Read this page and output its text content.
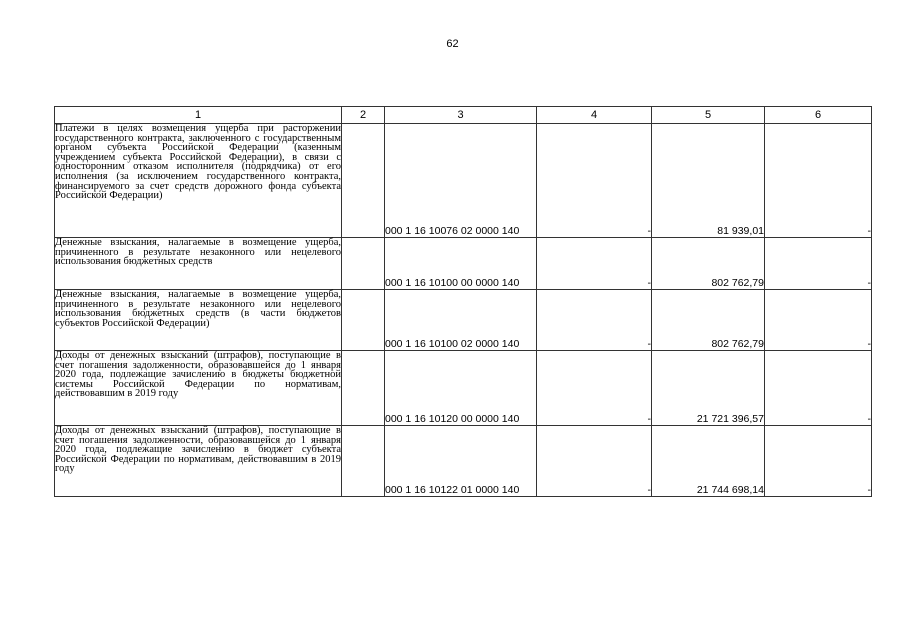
62
1	2	3	4	5	6
Платежи в целях возмещения ущерба при расторжении государственного контракта, заключенного с государственным органом субъекта Российской Федерации (казенным учреждением субъекта Российской Федерации), в связи с односторонним отказом исполнителя (подрядчика) от его исполнения (за исключением государственного контракта, финансируемого за счет средств дорожного фонда субъекта Российской Федерации)		000 1 16 10076 02 0000 140	-	81 939,01	-
Денежные взыскания, налагаемые в возмещение ущерба, причиненного в результате незаконного или нецелевого использования бюджетных средств		000 1 16 10100 00 0000 140	-	802 762,79	-
Денежные взыскания, налагаемые в возмещение ущерба, причиненного в результате незаконного или нецелевого использования бюджетных средств (в части бюджетов субъектов Российской Федерации)		000 1 16 10100 02 0000 140	-	802 762,79	-
Доходы от денежных взысканий (штрафов), поступающие в счет погашения задолженности, образовавшейся до 1 января 2020 года, подлежащие зачислению в бюджеты бюджетной системы Российской Федерации по нормативам, действовавшим в 2019 году		000 1 16 10120 00 0000 140	-	21 721 396,57	-
Доходы от денежных взысканий (штрафов), поступающие в счет погашения задолженности, образовавшейся до 1 января 2020 года, подлежащие зачислению в бюджет субъекта Российской Федерации по нормативам, действовавшим в 2019 году		000 1 16 10122 01 0000 140	-	21 744 698,14	-
